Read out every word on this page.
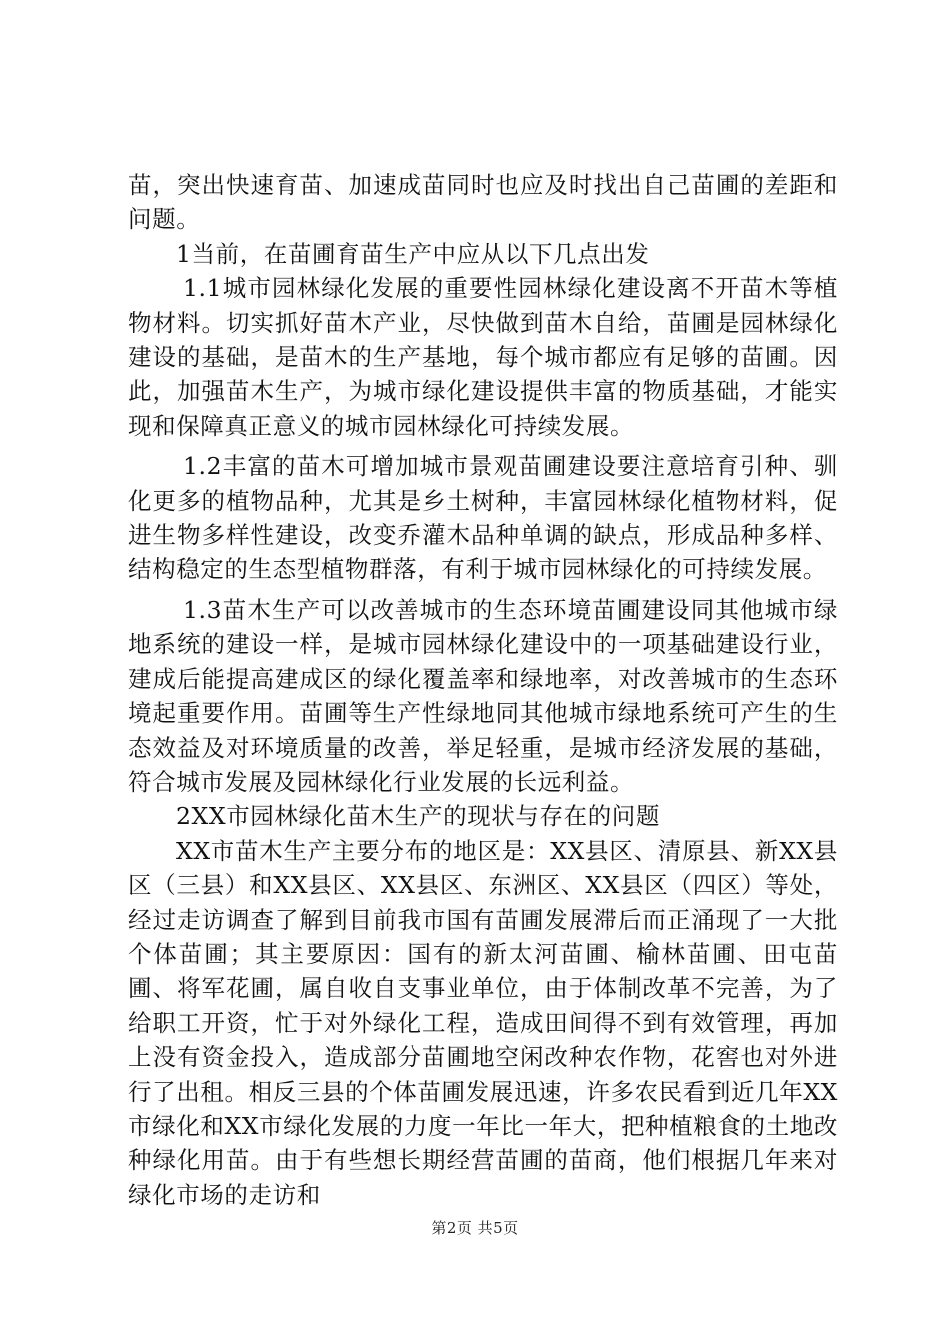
苗，突出快速育苗、加速成苗同时也应及时找出自己苗圃的差距和问题。

1当前，在苗圃育苗生产中应从以下几点出发

1.1城市园林绿化发展的重要性园林绿化建设离不开苗木等植物材料。切实抓好苗木产业，尽快做到苗木自给，苗圃是园林绿化建设的基础，是苗木的生产基地，每个城市都应有足够的苗圃。因此，加强苗木生产，为城市绿化建设提供丰富的物质基础，才能实现和保障真正意义的城市园林绿化可持续发展。

1.2丰富的苗木可增加城市景观苗圃建设要注意培育引种、驯化更多的植物品种，尤其是乡土树种，丰富园林绿化植物材料，促进生物多样性建设，改变乔灌木品种单调的缺点，形成品种多样、结构稳定的生态型植物群落，有利于城市园林绿化的可持续发展。

1.3苗木生产可以改善城市的生态环境苗圃建设同其他城市绿地系统的建设一样，是城市园林绿化建设中的一项基础建设行业，建成后能提高建成区的绿化覆盖率和绿地率，对改善城市的生态环境起重要作用。苗圃等生产性绿地同其他城市绿地系统可产生的生态效益及对环境质量的改善，举足轻重，是城市经济发展的基础，符合城市发展及园林绿化行业发展的长远利益。

2XX市园林绿化苗木生产的现状与存在的问题

XX市苗木生产主要分布的地区是：XX县区、清原县、新XX县区（三县）和XX县区、XX县区、东洲区、XX县区（四区）等处，经过走访调查了解到目前我市国有苗圃发展滞后而正涌现了一大批个体苗圃；其主要原因：国有的新太河苗圃、榆林苗圃、田屯苗圃、将军花圃，属自收自支事业单位，由于体制改革不完善，为了给职工开资，忙于对外绿化工程，造成田间得不到有效管理，再加上没有资金投入，造成部分苗圃地空闲改种农作物，花窖也对外进行了出租。相反三县的个体苗圃发展迅速，许多农民看到近几年XX市绿化和XX市绿化发展的力度一年比一年大，把种植粮食的土地改种绿化用苗。由于有些想长期经营苗圃的苗商，他们根据几年来对绿化市场的走访和

第2页 共5页
